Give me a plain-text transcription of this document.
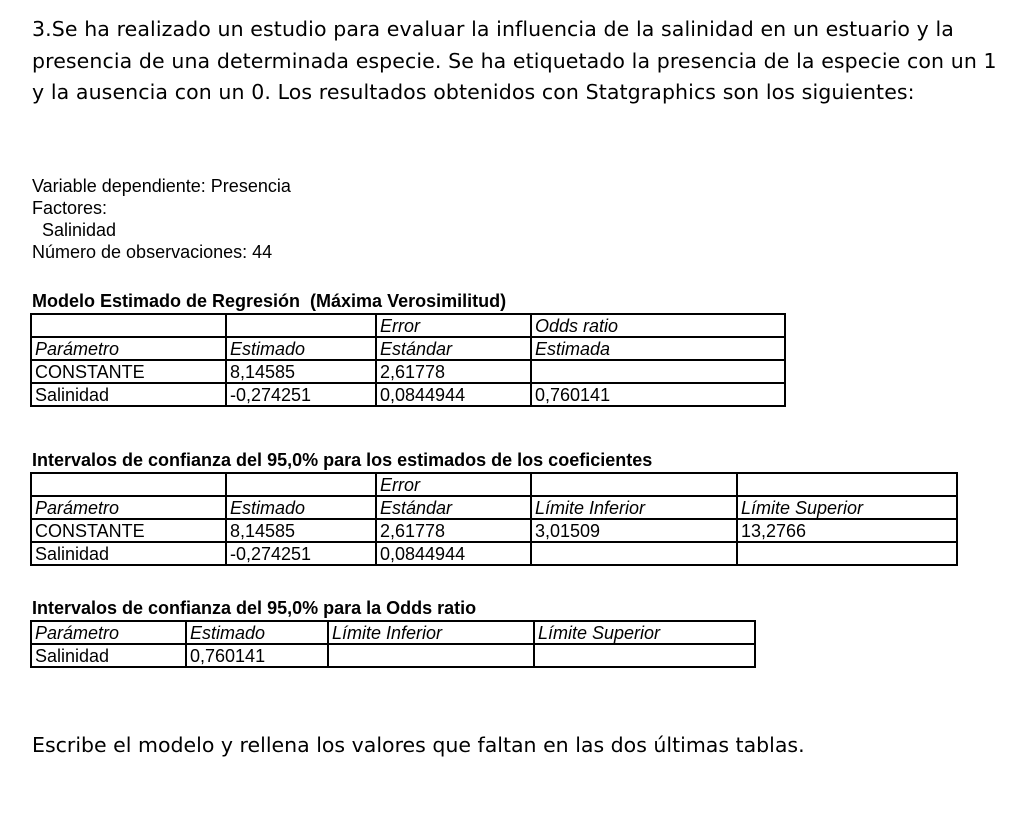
3.Se ha realizado un estudio para evaluar la influencia de la salinidad en un estuario y la presencia de una determinada especie. Se ha etiquetado la presencia de la especie con un 1 y la ausencia con un 0. Los resultados obtenidos con Statgraphics son los siguientes:

Variable dependiente: Presencia
Factores:
Salinidad
Número de observaciones: 44
Modelo Estimado de Regresión  (Máxima Verosimilitud)
		Error	Odds ratio
Parámetro	Estimado	Estándar	Estimada
CONSTANTE	8,14585	2,61778	
Salinidad	-0,274251	0,0844944	0,760141
Intervalos de confianza del 95,0% para los estimados de los coeficientes
		Error		
Parámetro	Estimado	Estándar	Límite Inferior	Límite Superior
CONSTANTE	8,14585	2,61778	3,01509	13,2766
Salinidad	-0,274251	0,0844944		
Intervalos de confianza del 95,0% para la Odds ratio
Parámetro	Estimado	Límite Inferior	Límite Superior
Salinidad	0,760141		
Escribe el modelo y rellena los valores que faltan en las dos últimas tablas.
